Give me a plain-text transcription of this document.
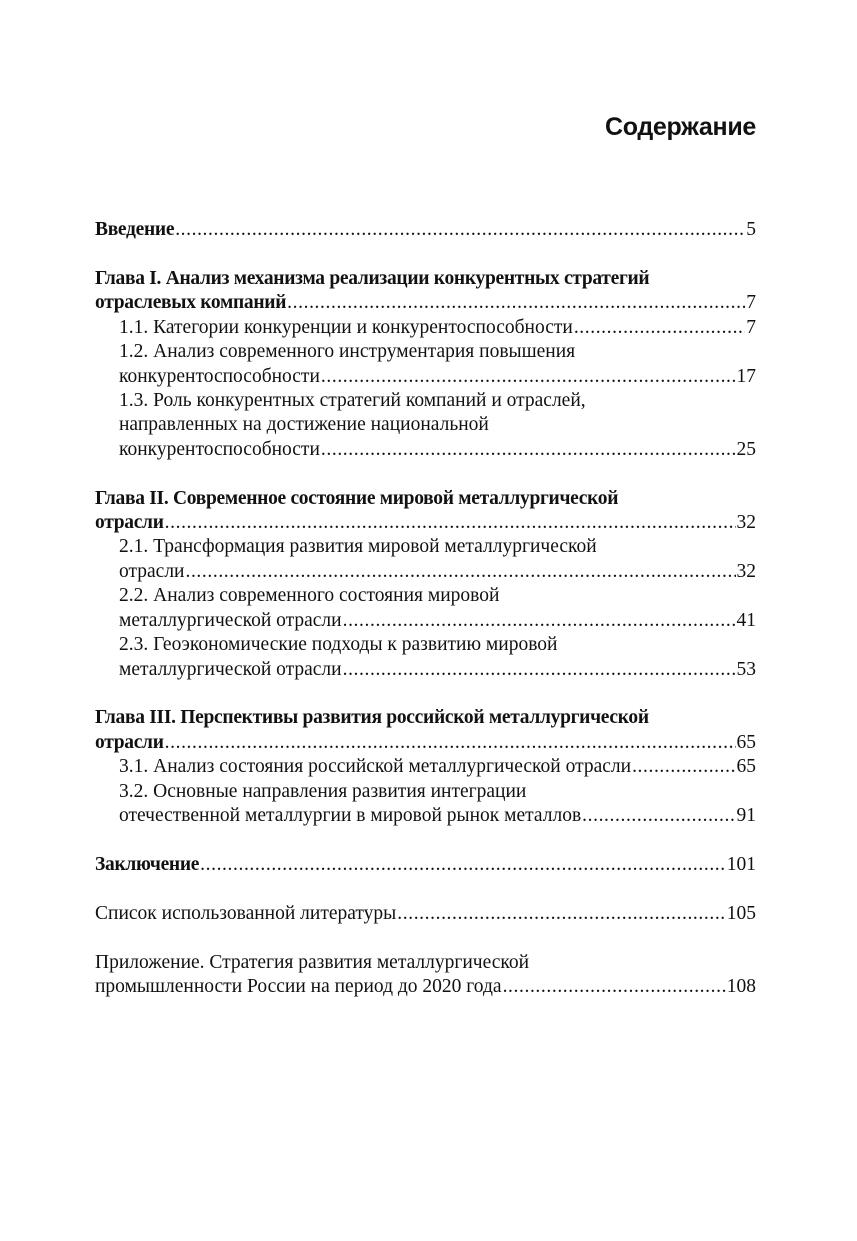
Содержание
Введение .....	5
Глава I. Анализ механизма реализации конкурентных стратегий
отраслевых компаний .....	7
1.1. Категории конкуренции и конкурентоспособности .....	7
1.2. Анализ современного инструментария повышения
конкурентоспособности .....	17
1.3. Роль конкурентных стратегий компаний и отраслей,
направленных на достижение национальной
конкурентоспособности .....	25
Глава II. Современное состояние мировой металлургической
отрасли .....	32
2.1. Трансформация развития мировой металлургической
отрасли .....	32
2.2. Анализ современного состояния мировой
металлургической отрасли .....	41
2.3. Геоэкономические подходы к развитию мировой
металлургической отрасли .....	53
Глава III. Перспективы развития российской металлургической
отрасли .....	65
3.1. Анализ состояния российской металлургической отрасли .....	65
3.2. Основные направления развития интеграции
отечественной металлургии в мировой рынок металлов .....	91
Заключение .....	101
Список использованной литературы .....	105
Приложение. Стратегия развития металлургической
промышленности России на период до 2020 года .....	108
